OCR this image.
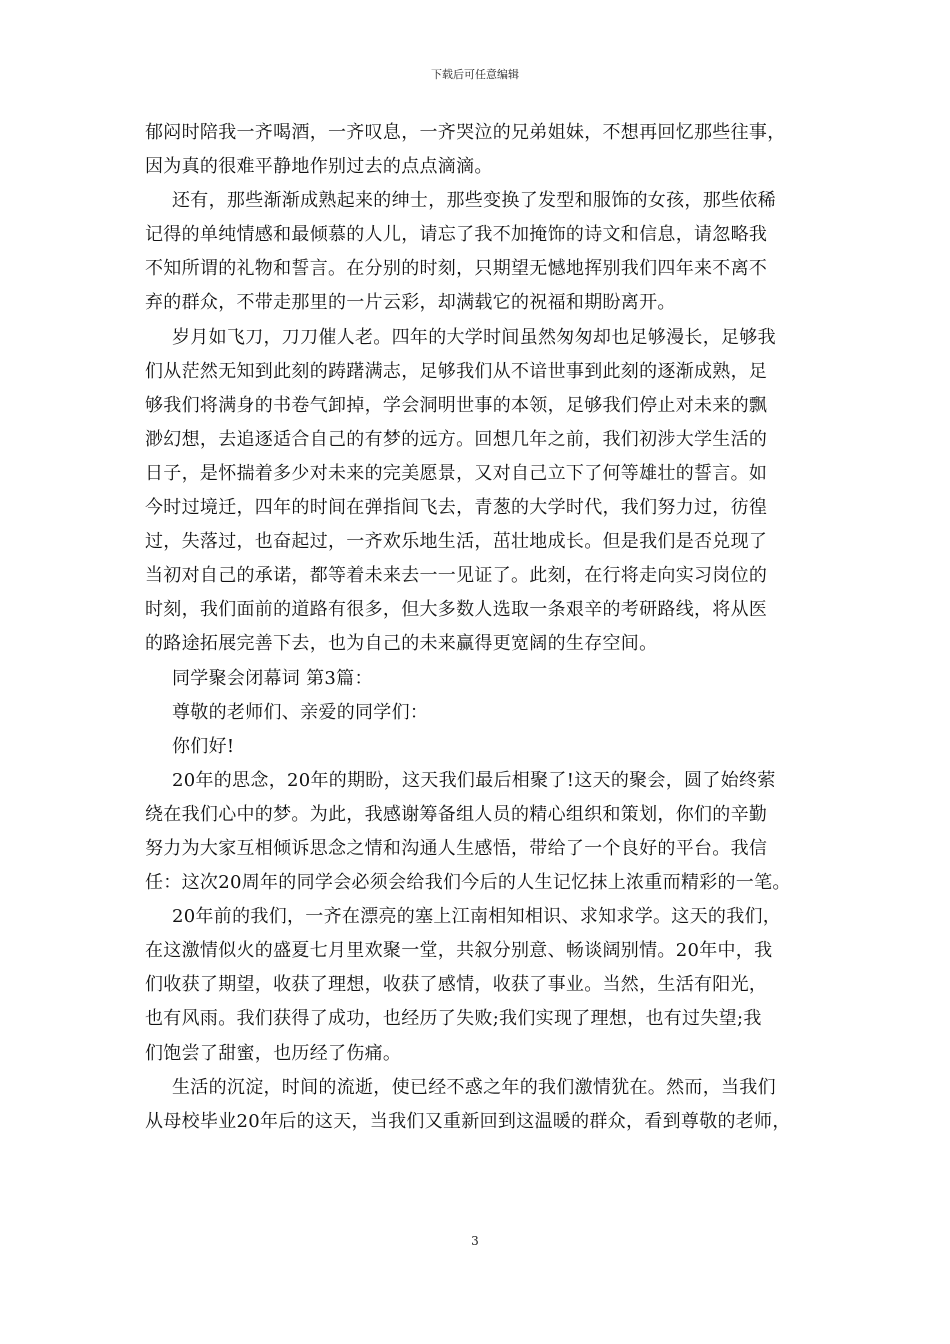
下载后可任意编辑
郁闷时陪我一齐喝酒，一齐叹息，一齐哭泣的兄弟姐妹，不想再回忆那些往事，
因为真的很难平静地作别过去的点点滴滴。
还有，那些渐渐成熟起来的绅士，那些变换了发型和服饰的女孩，那些依稀
记得的单纯情感和最倾慕的人儿，请忘了我不加掩饰的诗文和信息，请忽略我
不知所谓的礼物和誓言。在分别的时刻，只期望无憾地挥别我们四年来不离不
弃的群众，不带走那里的一片云彩，却满载它的祝福和期盼离开。
岁月如飞刀，刀刀催人老。四年的大学时间虽然匆匆却也足够漫长，足够我
们从茫然无知到此刻的踌躇满志，足够我们从不谙世事到此刻的逐渐成熟，足
够我们将满身的书卷气卸掉，学会洞明世事的本领，足够我们停止对未来的飘
渺幻想，去追逐适合自己的有梦的远方。回想几年之前，我们初涉大学生活的
日子，是怀揣着多少对未来的完美愿景，又对自己立下了何等雄壮的誓言。如
今时过境迁，四年的时间在弹指间飞去，青葱的大学时代，我们努力过，彷徨
过，失落过，也奋起过，一齐欢乐地生活，茁壮地成长。但是我们是否兑现了
当初对自己的承诺，都等着未来去一一见证了。此刻，在行将走向实习岗位的
时刻，我们面前的道路有很多，但大多数人选取一条艰辛的考研路线，将从医
的路途拓展完善下去，也为自己的未来赢得更宽阔的生存空间。
同学聚会闭幕词 第3篇：
尊敬的老师们、亲爱的同学们：
你们好!
20年的思念，20年的期盼，这天我们最后相聚了!这天的聚会，圆了始终萦
绕在我们心中的梦。为此，我感谢筹备组人员的精心组织和策划，你们的辛勤
努力为大家互相倾诉思念之情和沟通人生感悟，带给了一个良好的平台。我信
任：这次20周年的同学会必须会给我们今后的人生记忆抹上浓重而精彩的一笔。
20年前的我们，一齐在漂亮的塞上江南相知相识、求知求学。这天的我们，
在这激情似火的盛夏七月里欢聚一堂，共叙分别意、畅谈阔别情。20年中，我
们收获了期望，收获了理想，收获了感情，收获了事业。当然，生活有阳光，
也有风雨。我们获得了成功，也经历了失败;我们实现了理想，也有过失望;我
们饱尝了甜蜜，也历经了伤痛。
生活的沉淀，时间的流逝，使已经不惑之年的我们激情犹在。然而，当我们
从母校毕业20年后的这天，当我们又重新回到这温暖的群众，看到尊敬的老师，
3
